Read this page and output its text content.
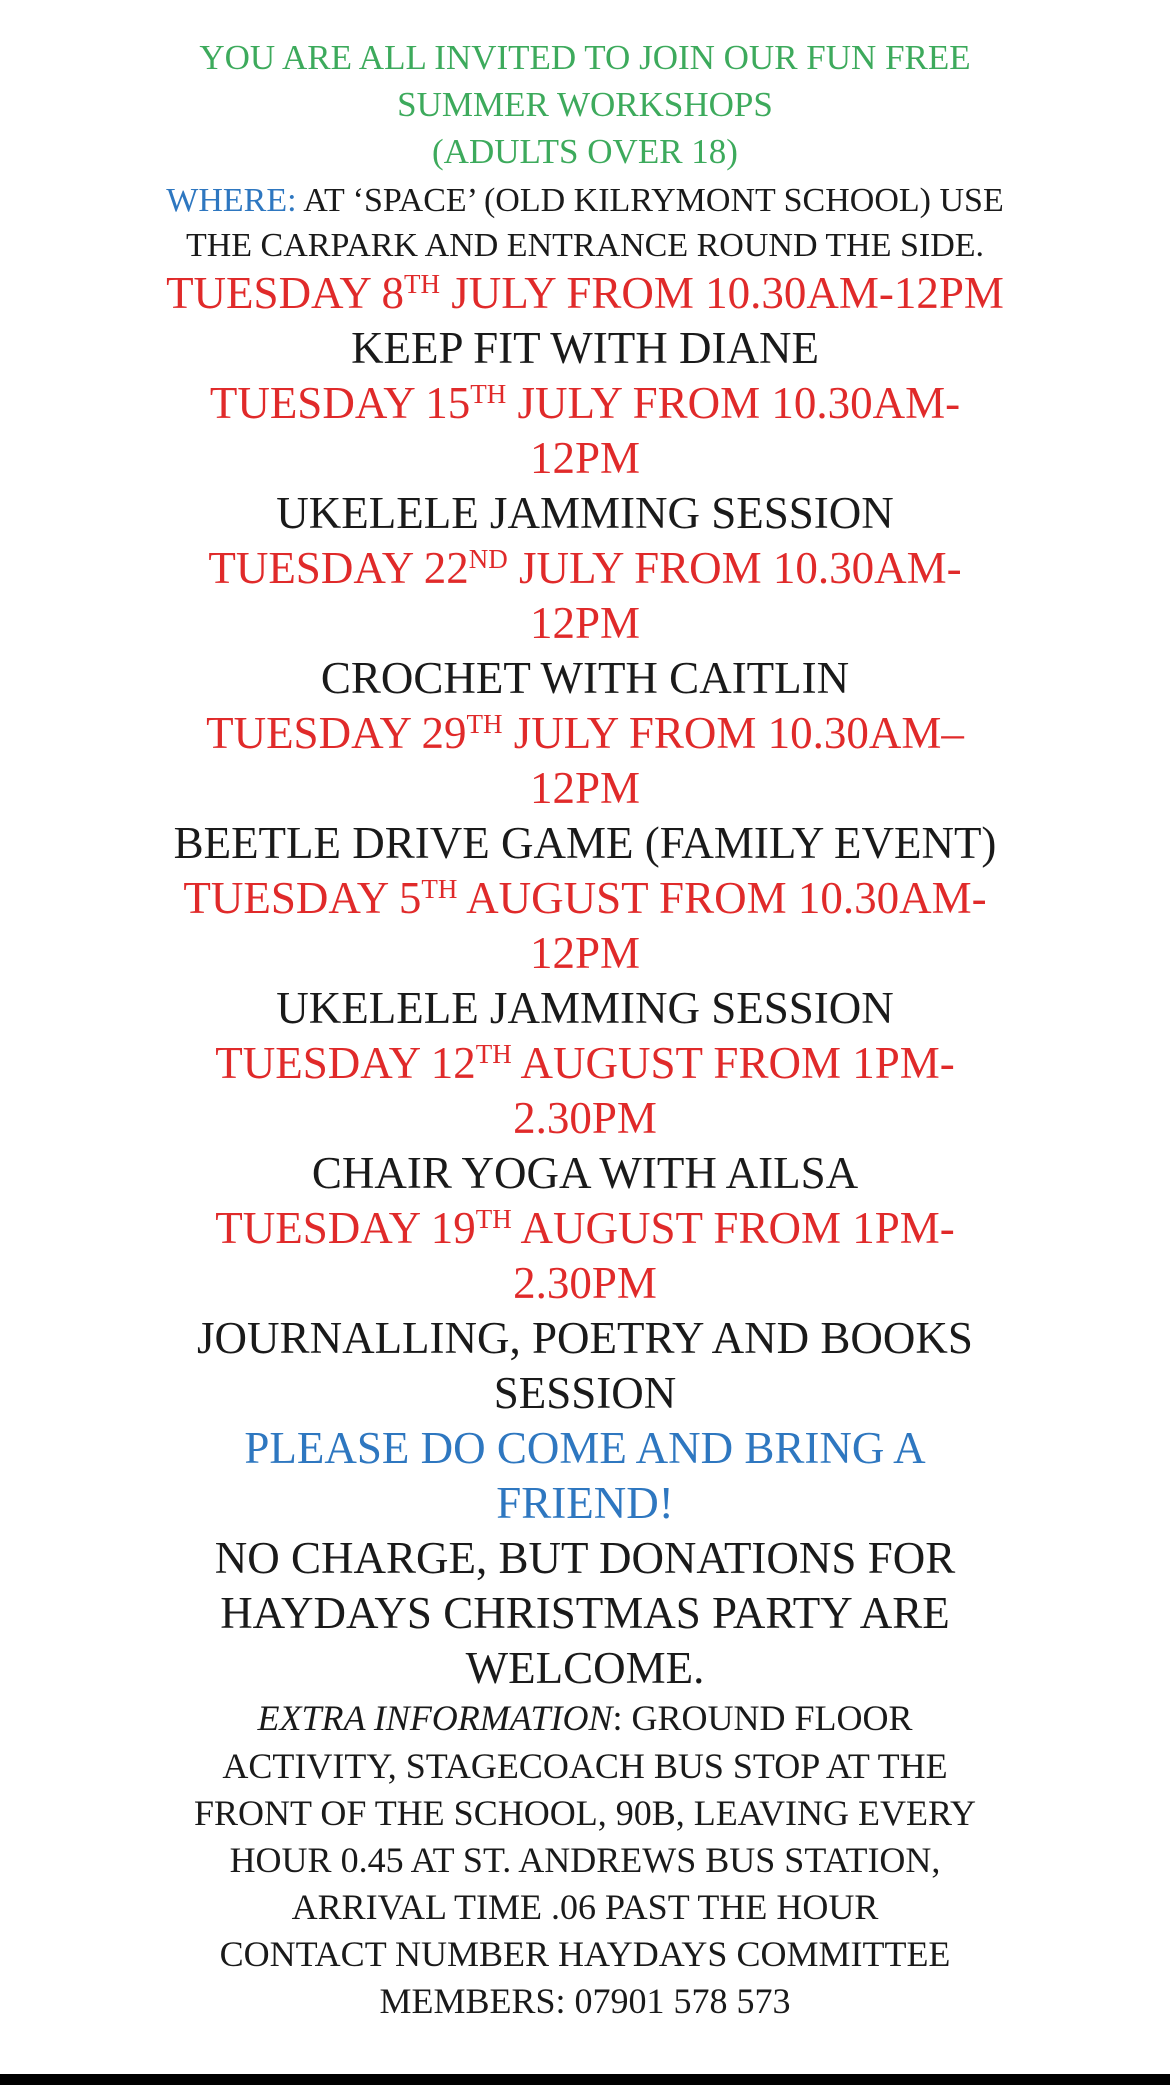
YOU ARE ALL INVITED TO JOIN OUR FUN FREE
SUMMER WORKSHOPS
(ADULTS OVER 18)
WHERE: AT ‘SPACE’ (OLD KILRYMONT SCHOOL) USE
THE CARPARK AND ENTRANCE ROUND THE SIDE.
TUESDAY 8TH JULY FROM 10.30AM-12PM
KEEP FIT WITH DIANE
TUESDAY 15TH JULY FROM 10.30AM-
12PM
UKELELE JAMMING SESSION
TUESDAY 22ND JULY FROM 10.30AM-
12PM
CROCHET WITH CAITLIN
TUESDAY 29TH JULY FROM 10.30AM–
12PM
BEETLE DRIVE GAME (FAMILY EVENT)
TUESDAY 5TH AUGUST FROM 10.30AM-
12PM
UKELELE JAMMING SESSION
TUESDAY 12TH AUGUST FROM 1PM-
2.30PM
CHAIR YOGA WITH AILSA
TUESDAY 19TH AUGUST FROM 1PM-
2.30PM
JOURNALLING, POETRY AND BOOKS
SESSION
PLEASE DO COME AND BRING A
FRIEND!
NO CHARGE, BUT DONATIONS FOR
HAYDAYS CHRISTMAS PARTY ARE
WELCOME.
EXTRA INFORMATION: GROUND FLOOR
ACTIVITY, STAGECOACH BUS STOP AT THE
FRONT OF THE SCHOOL, 90B, LEAVING EVERY
HOUR 0.45 AT ST. ANDREWS BUS STATION,
ARRIVAL TIME .06 PAST THE HOUR
CONTACT NUMBER HAYDAYS COMMITTEE
MEMBERS: 07901 578 573
